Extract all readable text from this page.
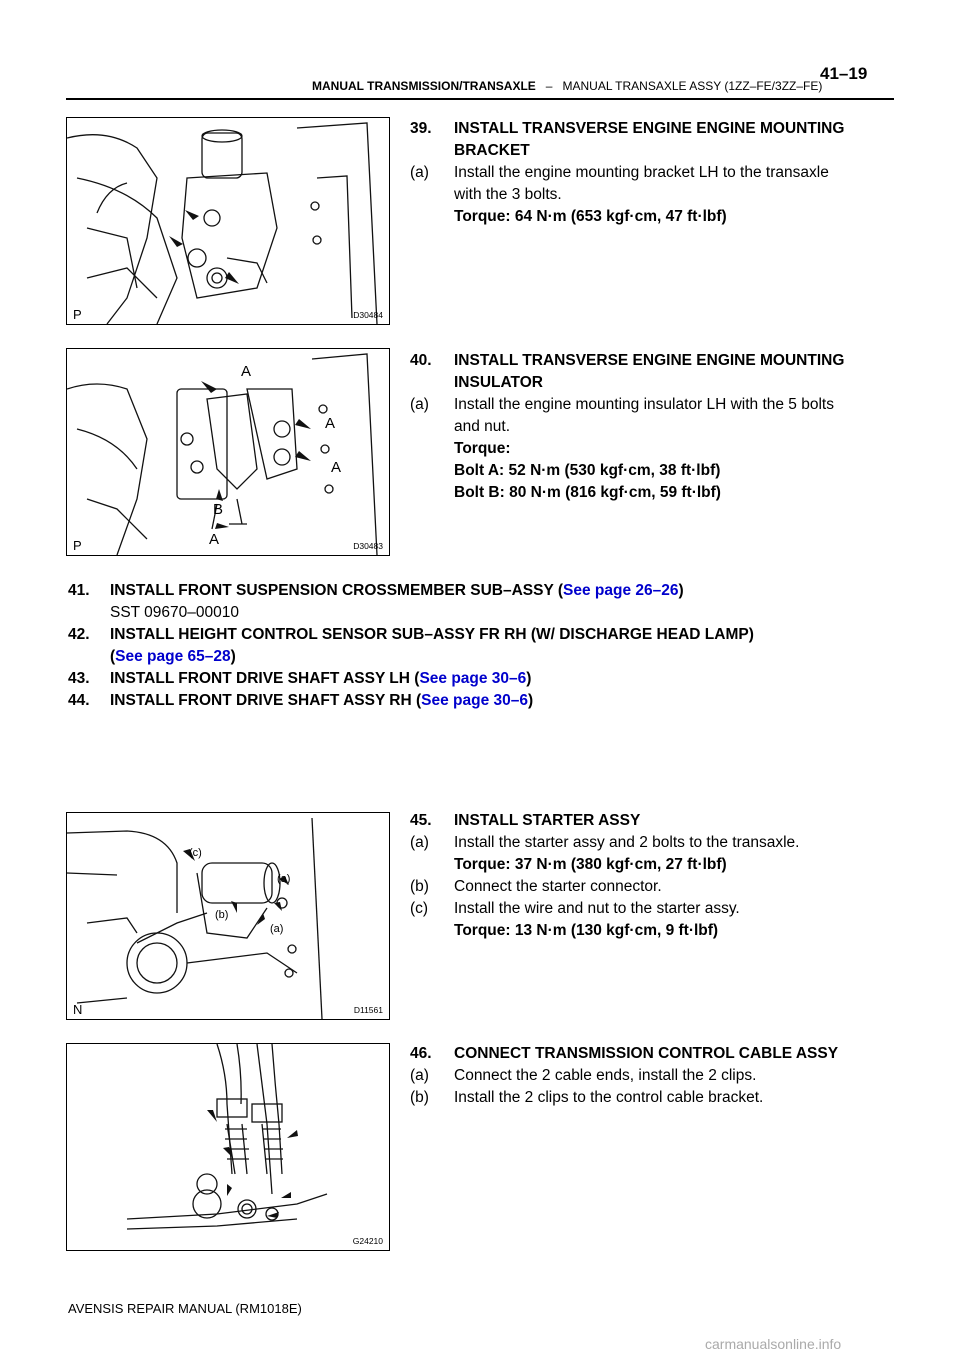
MANUAL TRANSMISSION/TRANSAXLE – MANUAL TRANSAXLE ASSY (1ZZ–FE/3ZZ–FE)
41–19
P	D30484
A
A
A
B
A
P	D30483
39. INSTALL TRANSVERSE ENGINE ENGINE MOUNTING
BRACKET
(a) Install the engine mounting bracket LH to the transaxle
with the 3 bolts.
Torque: 64 N·m (653 kgf·cm, 47 ft·lbf)
40. INSTALL TRANSVERSE ENGINE ENGINE MOUNTING
INSULATOR
(a) Install the engine mounting insulator LH with the 5 bolts
and nut.
Torque:
Bolt A: 52 N·m (530 kgf·cm, 38 ft·lbf)
Bolt B: 80 N·m (816 kgf·cm, 59 ft·lbf)
41. INSTALL FRONT SUSPENSION CROSSMEMBER SUB–ASSY (See page 26–26)
SST 09670–00010
42. INSTALL HEIGHT CONTROL SENSOR SUB–ASSY FR RH (W/ DISCHARGE HEAD LAMP)
(See page 65–28)
43. INSTALL FRONT DRIVE SHAFT ASSY LH (See page 30–6)
44. INSTALL FRONT DRIVE SHAFT ASSY RH (See page 30–6)
(c)
(a)
(b)
(a)
N	D11561
45. INSTALL STARTER ASSY
(a) Install the starter assy and 2 bolts to the transaxle.
Torque: 37 N·m (380 kgf·cm, 27 ft·lbf)
(b) Connect the starter connector.
(c) Install the wire and nut to the starter assy.
Torque: 13 N·m (130 kgf·cm, 9 ft·lbf)
G24210
46. CONNECT TRANSMISSION CONTROL CABLE ASSY
(a) Connect the 2 cable ends, install the 2 clips.
(b) Install the 2 clips to the control cable bracket.
AVENSIS REPAIR MANUAL (RM1018E)
carmanualsonline.info
